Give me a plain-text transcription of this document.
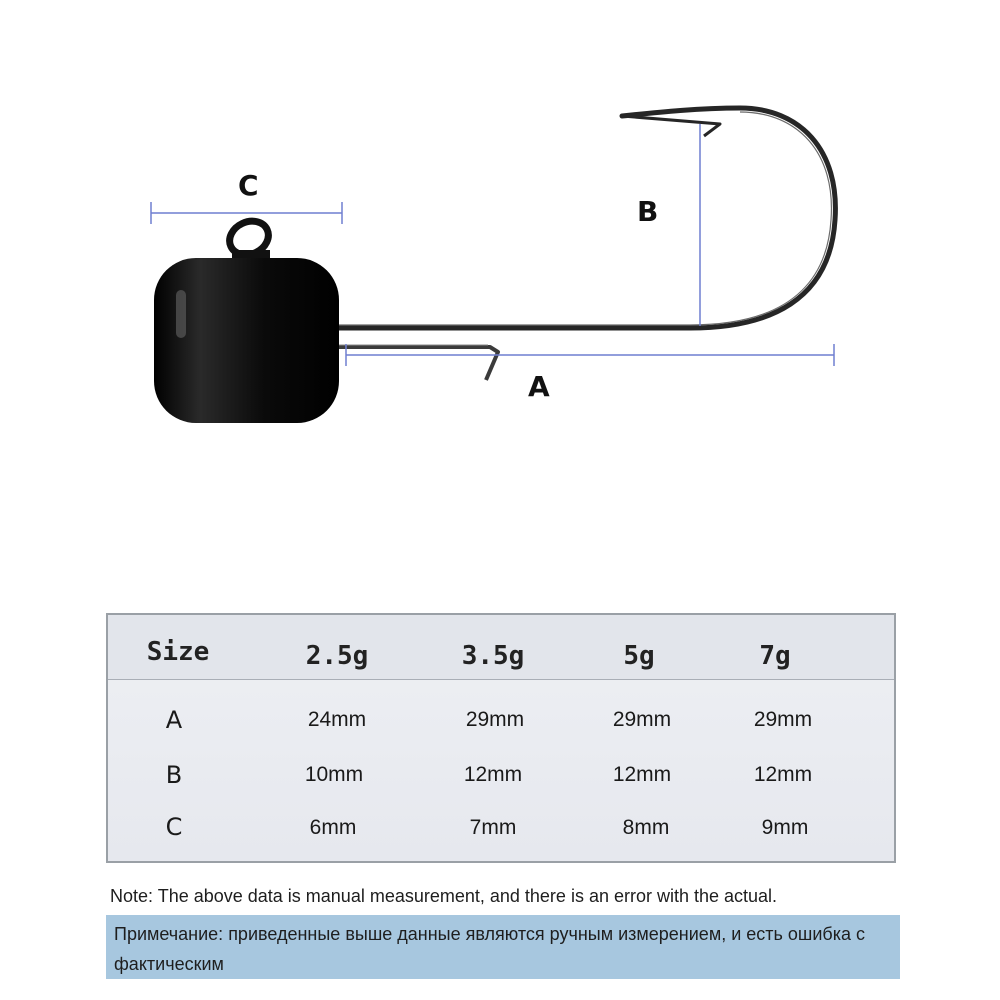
C
B
A
Size	2.5g	3.5g	5g	7g
A	24mm	29mm	29mm	29mm
B	10mm	12mm	12mm	12mm
C	6mm	7mm	8mm	9mm
Note: The above data is manual measurement, and there is an error with the actual.
Примечание: приведенные выше данные являются ручным измерением, и есть ошибка с фактическим
